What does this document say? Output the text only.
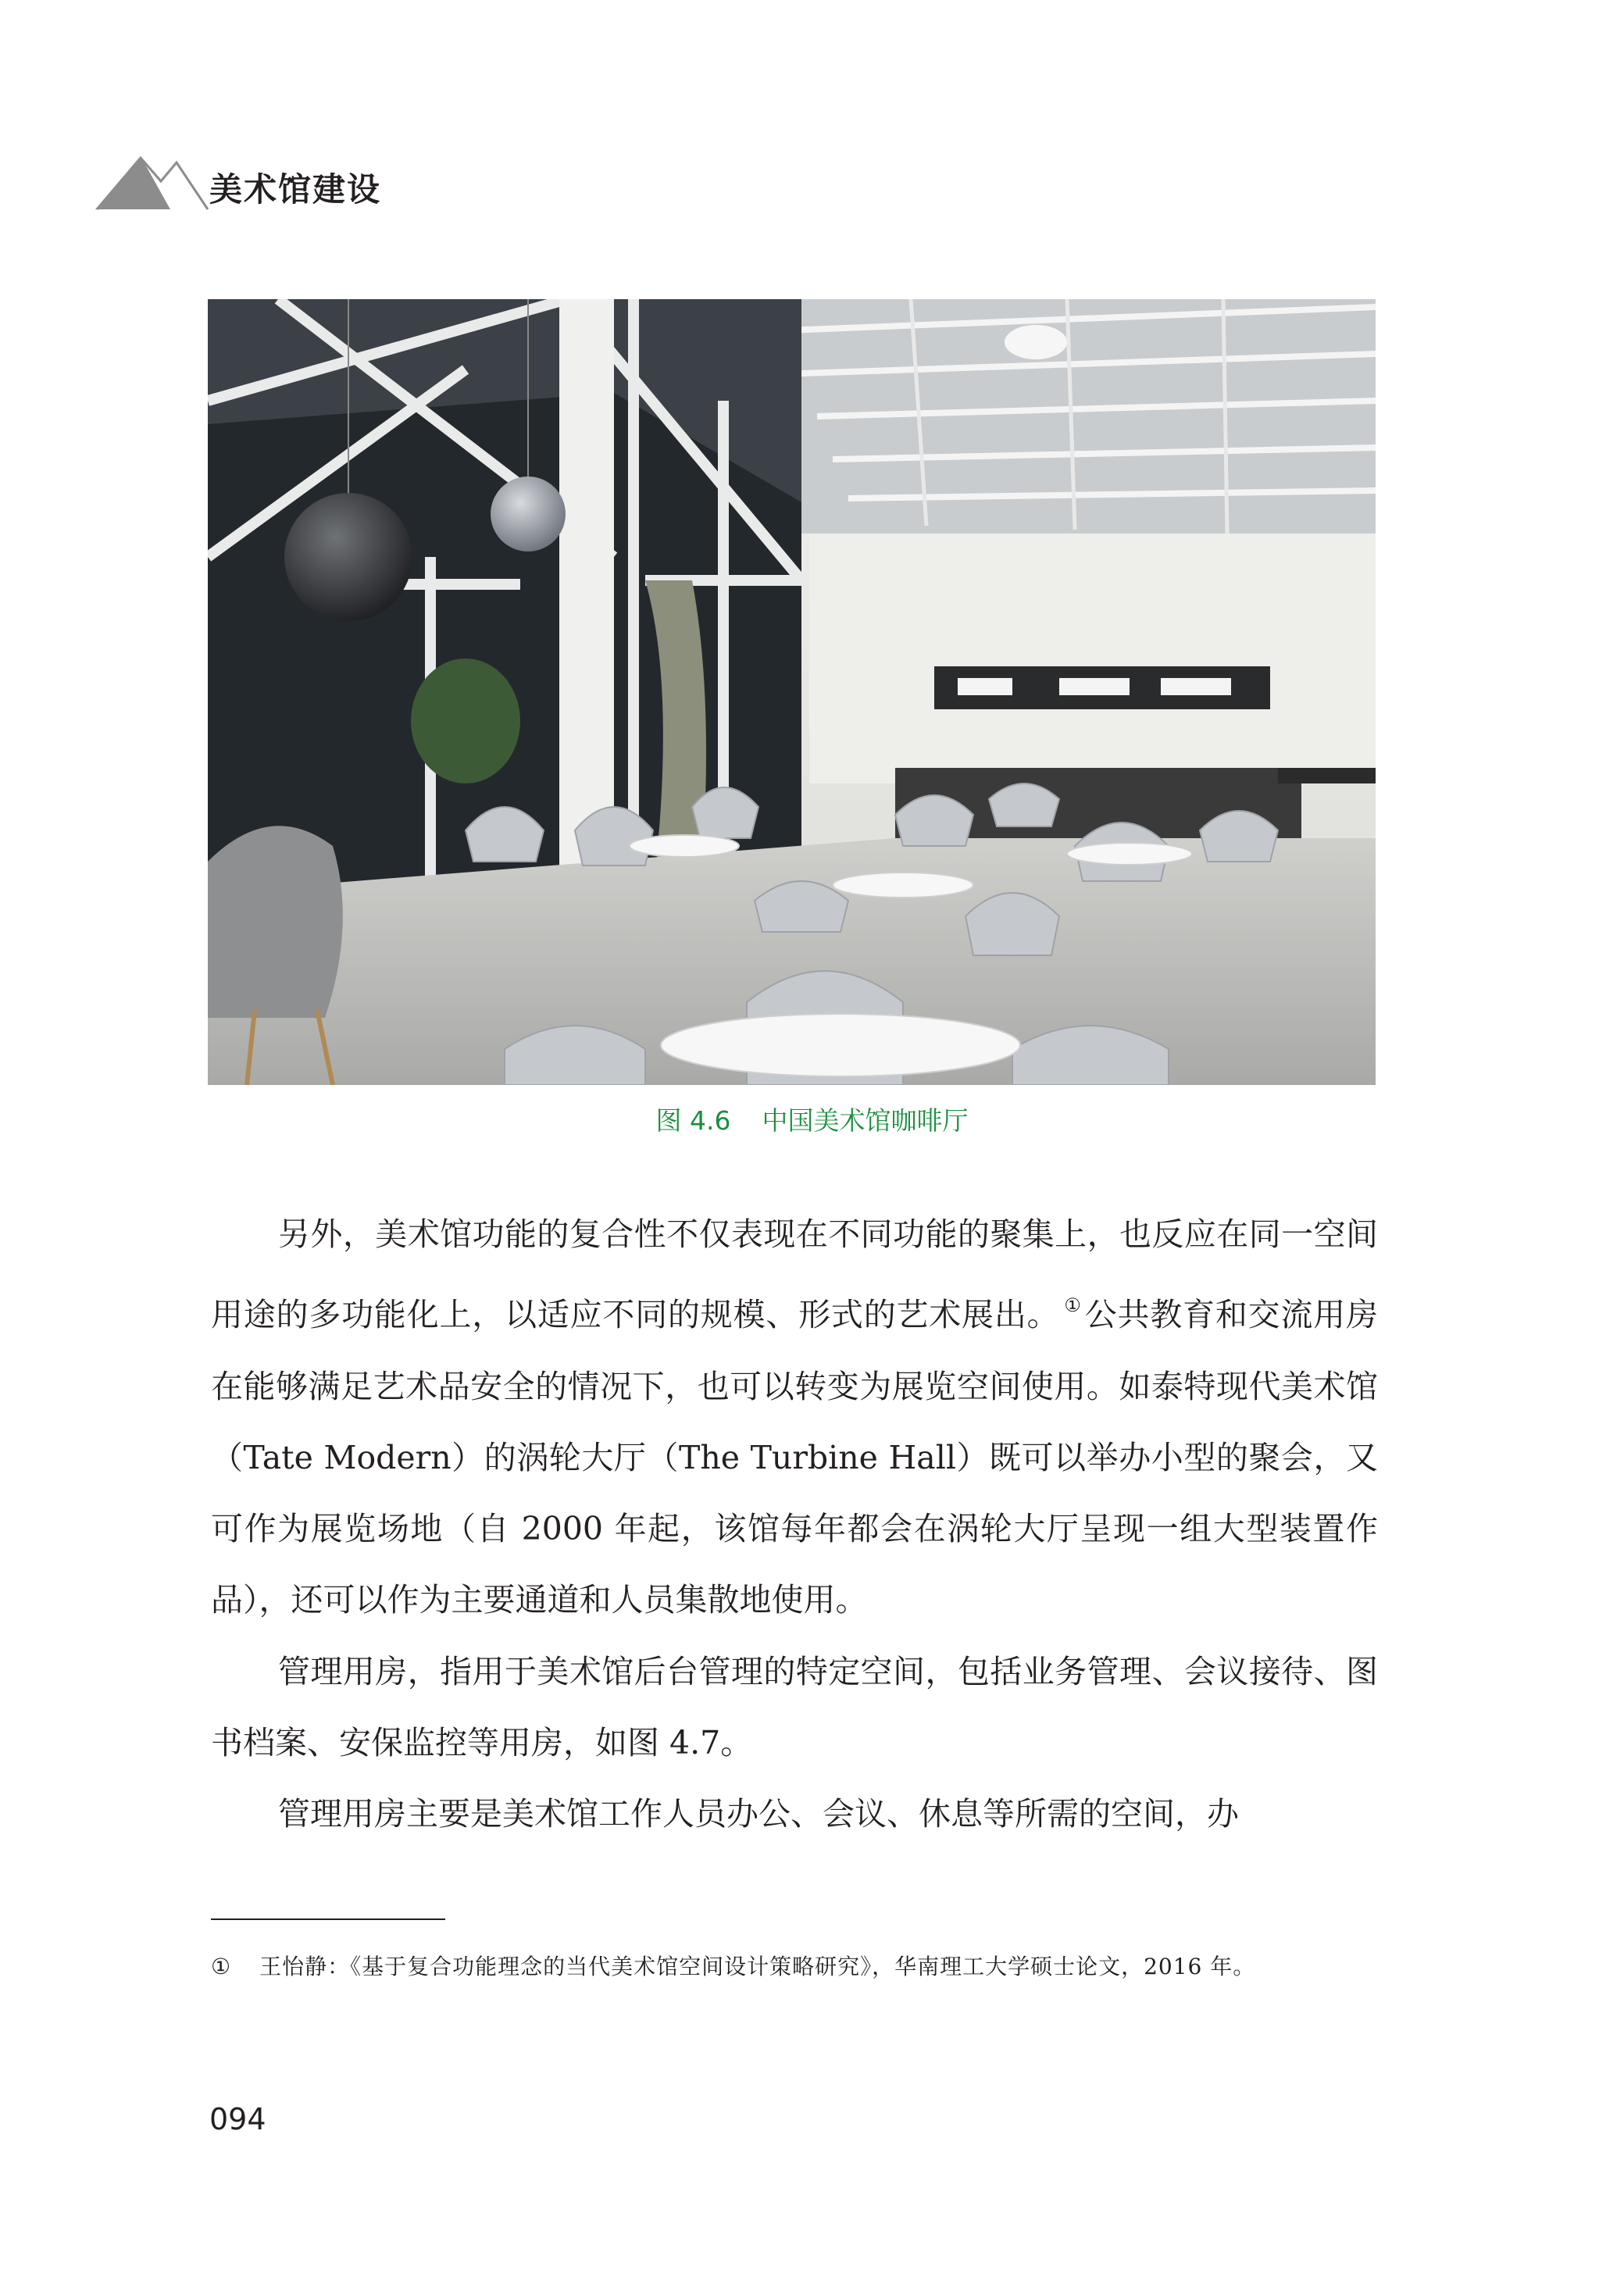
美术馆建设
图 4.6 中国美术馆咖啡厅

另外，美术馆功能的复合性不仅表现在不同功能的聚集上，也反应在同一空间用途的多功能化上，以适应不同的规模、形式的艺术展出。 ①公共教育和交流用房在能够满足艺术品安全的情况下，也可以转变为展览空间使用。如泰特现代美术馆（Tate Modern）的涡轮大厅（The Turbine Hall）既可以举办小型的聚会，又可作为展览场地（自 2000 年起，该馆每年都会在涡轮大厅呈现一组大型装置作品），还可以作为主要通道和人员集散地使用。

管理用房，指用于美术馆后台管理的特定空间，包括业务管理、会议接待、图书档案、安保监控等用房，如图 4.7。

管理用房主要是美术馆工作人员办公、会议、休息等所需的空间，办

① 王怡静：《基于复合功能理念的当代美术馆空间设计策略研究》，华南理工大学硕士论文，2016 年。
094
